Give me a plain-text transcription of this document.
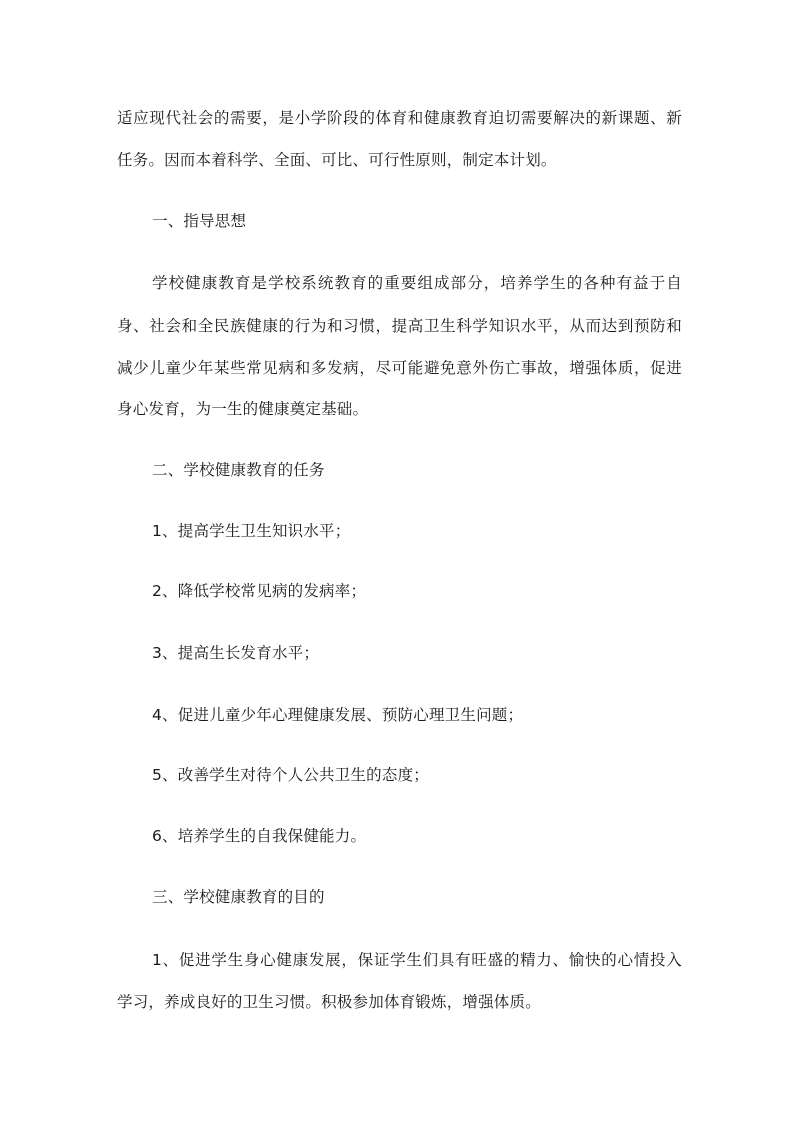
适应现代社会的需要，是小学阶段的体育和健康教育迫切需要解决的新课题、新
任务。因而本着科学、全面、可比、可行性原则，制定本计划。
一、指导思想
学校健康教育是学校系统教育的重要组成部分，培养学生的各种有益于自
身、社会和全民族健康的行为和习惯，提高卫生科学知识水平，从而达到预防和
减少儿童少年某些常见病和多发病，尽可能避免意外伤亡事故，增强体质，促进
身心发育，为一生的健康奠定基础。
二、学校健康教育的任务
1、提高学生卫生知识水平；
2、降低学校常见病的发病率；
3、提高生长发育水平；
4、促进儿童少年心理健康发展、预防心理卫生问题；
5、改善学生对待个人公共卫生的态度；
6、培养学生的自我保健能力。
三、学校健康教育的目的
1、促进学生身心健康发展，保证学生们具有旺盛的精力、愉快的心情投入
学习，养成良好的卫生习惯。积极参加体育锻炼，增强体质。
